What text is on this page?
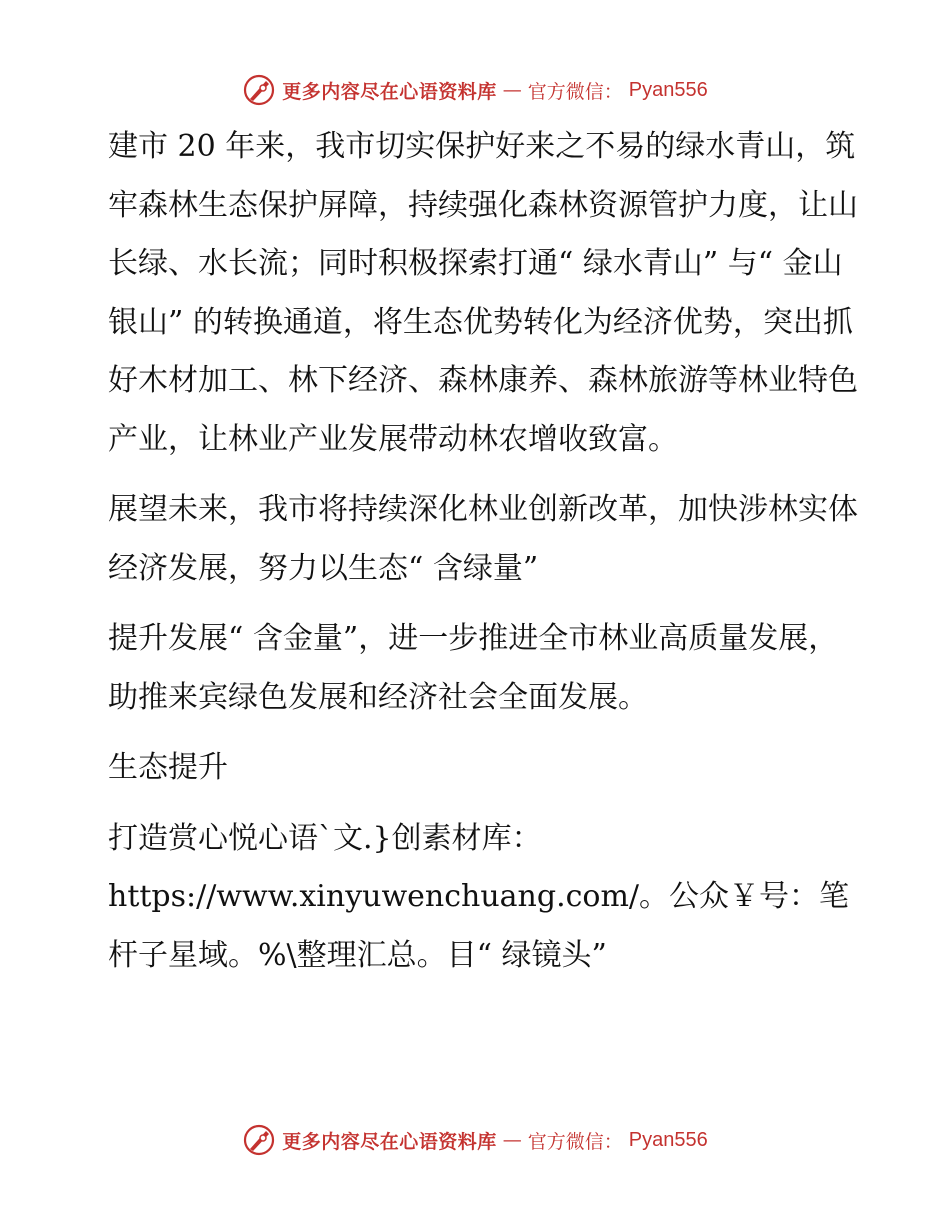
更多内容尽在心语资料库 — 官方微信： Pyan556

建市 20 年来，我市切实保护好来之不易的绿水青山，筑牢森林生态保护屏障，持续强化森林资源管护力度，让山长绿、水长流；同时积极探索打通“ 绿水青山” 与“ 金山银山” 的转换通道，将生态优势转化为经济优势，突出抓好木材加工、林下经济、森林康养、森林旅游等林业特色产业，让林业产业发展带动林农增收致富。

展望未来，我市将持续深化林业创新改革，加快涉林实体经济发展，努力以生态“ 含绿量”

提升发展“ 含金量”，进一步推进全市林业高质量发展，助推来宾绿色发展和经济社会全面发展。

生态提升

打造赏心悦心语`文.}创素材库：https://www.xinyuwenchuang.com/。公众￥号：笔杆子星域。%\整理汇总。目“ 绿镜头”

更多内容尽在心语资料库 — 官方微信： Pyan556
